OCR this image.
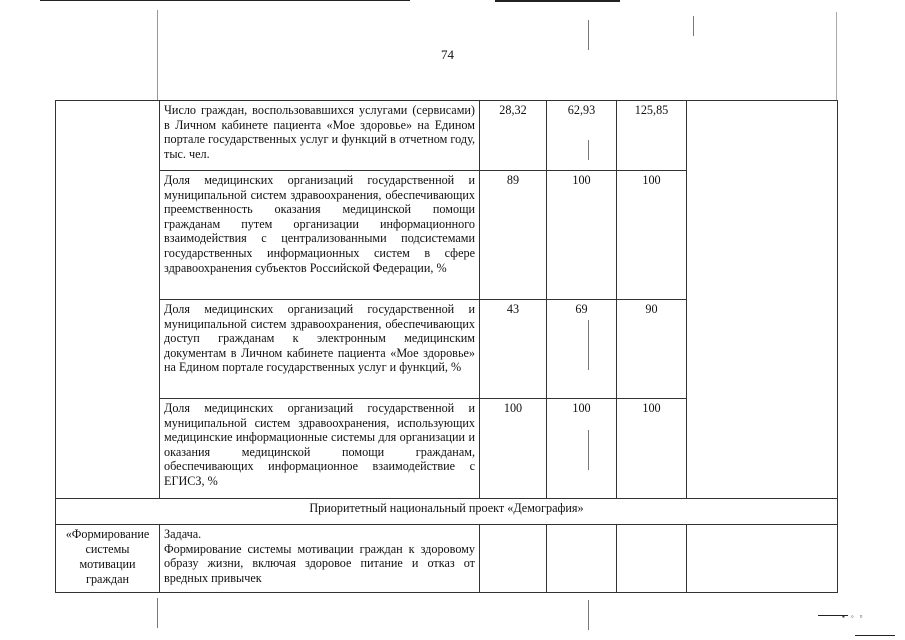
▪   ◦   ▫
74
	Число граждан, воспользовавшихся услугами (сервисами) в Личном кабинете пациента «Мое здоровье» на Едином портале государственных услуг и функций в отчетном году, тыс. чел.	28,32	62,93	125,85	
	Доля медицинских организаций государственной и муниципальной систем здравоохранения, обеспечивающих преемственность оказания медицинской помощи гражданам путем организации информационного взаимодействия с централизованными подсистемами государственных информационных систем в сфере здравоохранения субъектов Российской Федерации, %	89	100	100	
	Доля медицинских организаций государственной и муниципальной систем здравоохранения, обеспечивающих доступ гражданам к электронным медицинским документам в Личном кабинете пациента «Мое здоровье» на Едином портале государственных услуг и функций, %	43	69	90	
	Доля медицинских организаций государственной и муниципальной систем здравоохранения, использующих медицинские информационные системы для организации и оказания медицинской помощи гражданам, обеспечивающих информационное взаимодействие с ЕГИСЗ, %	100	100	100	
Приоритетный национальный проект «Демография»					
«Формирование системы мотивации граждан	Задача.
Формирование системы мотивации граждан к здоровому образу жизни, включая здоровое питание и отказ от вредных привычек				
